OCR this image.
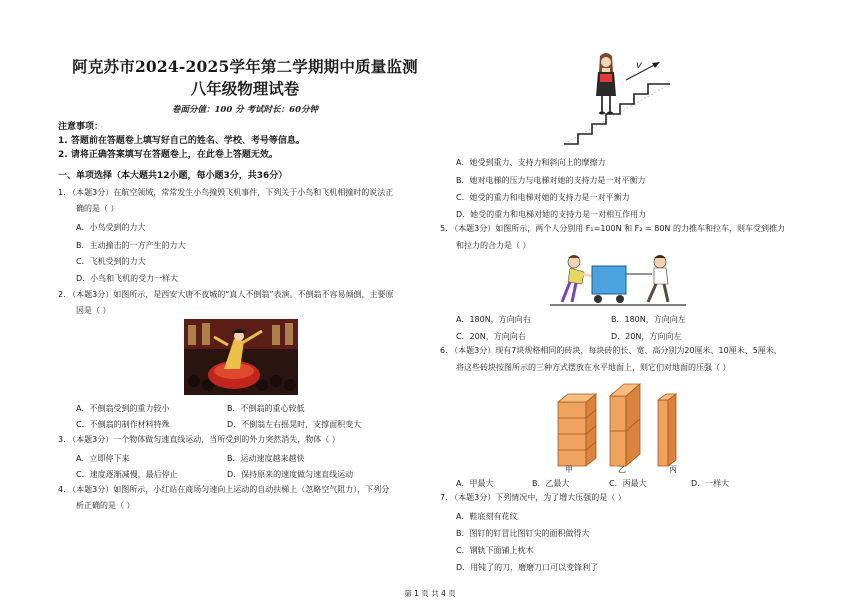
阿克苏市2024-2025学年第二学期期中质量监测
八年级物理试卷
卷面分值：100 分 考试时长：60分钟
注意事项：
1. 答题前在答题卷上填写好自己的姓名、学校、考号等信息。
2. 请将正确答案填写在答题卷上，在此卷上答题无效。
一、单项选择（本大题共12小题，每小题3分，共36分）
1. （本题3分）在航空领域，常常发生小鸟撞毁飞机事件，下列关于小鸟和飞机相撞时的说法正
确的是（ ）
A．小鸟受到的力大
B．主动撞击的一方产生的力大
C．飞机受到的力大
D．小鸟和飞机的受力一样大
2. （本题3分）如图所示，是西安大唐不夜城的“真人不倒翁”表演。不倒翁不容易倾倒，主要原
因是（ ）
A．不倒翁受到的重力较小	B．不倒翁的重心较低
C．不倒翁的制作材料特殊	D．不倒翁左右摇晃时，支撑面积变大
3. （本题3分）一个物体做匀速直线运动，当所受到的外力突然消失，物体（ ）
A．立即停下来	B．运动速度越来越快
C．速度逐渐减慢，最后停止	D．保持原来的速度做匀速直线运动
4. （本题3分）如图所示，小红站在商场匀速向上运动的自动扶梯上（忽略空气阻力），下列分
析正确的是（ ）
v
A．她受到重力、支持力和斜向上的摩擦力
B．她对电梯的压力与电梯对她的支持力是一对平衡力
C．她受的重力和电梯对她的支持力是一对平衡力
D．她受的重力和电梯对她的支持力是一对相互作用力
5. （本题3分）如图所示，两个人分别用 F₁=100N 和 F₂ = 80N 的力推车和拉车，则车受到推力
和拉力的合力是（ ）
A．180N，方向向右	B．180N，方向向左
C．20N，方向向右	D．20N，方向向左
6. （本题3分）现有7块规格相同的砖块，每块砖的长、宽、高分别为20厘米、10厘米、5厘米，
将这些砖块按图所示的三种方式摆放在水平地面上，则它们对地面的压强（ ）
甲	乙	丙
A．甲最大	B．乙最大	C．丙最大	D．一样大
7. （本题3分）下列情况中，为了增大压强的是（ ）
A．鞋底刻有花纹
B．图钉的钉冒比图钉尖的面积做得大
C．钢轨下面铺上枕木
D．用钝了的刀，磨磨刀口可以变锋利了
第 1 页 共 4 页
